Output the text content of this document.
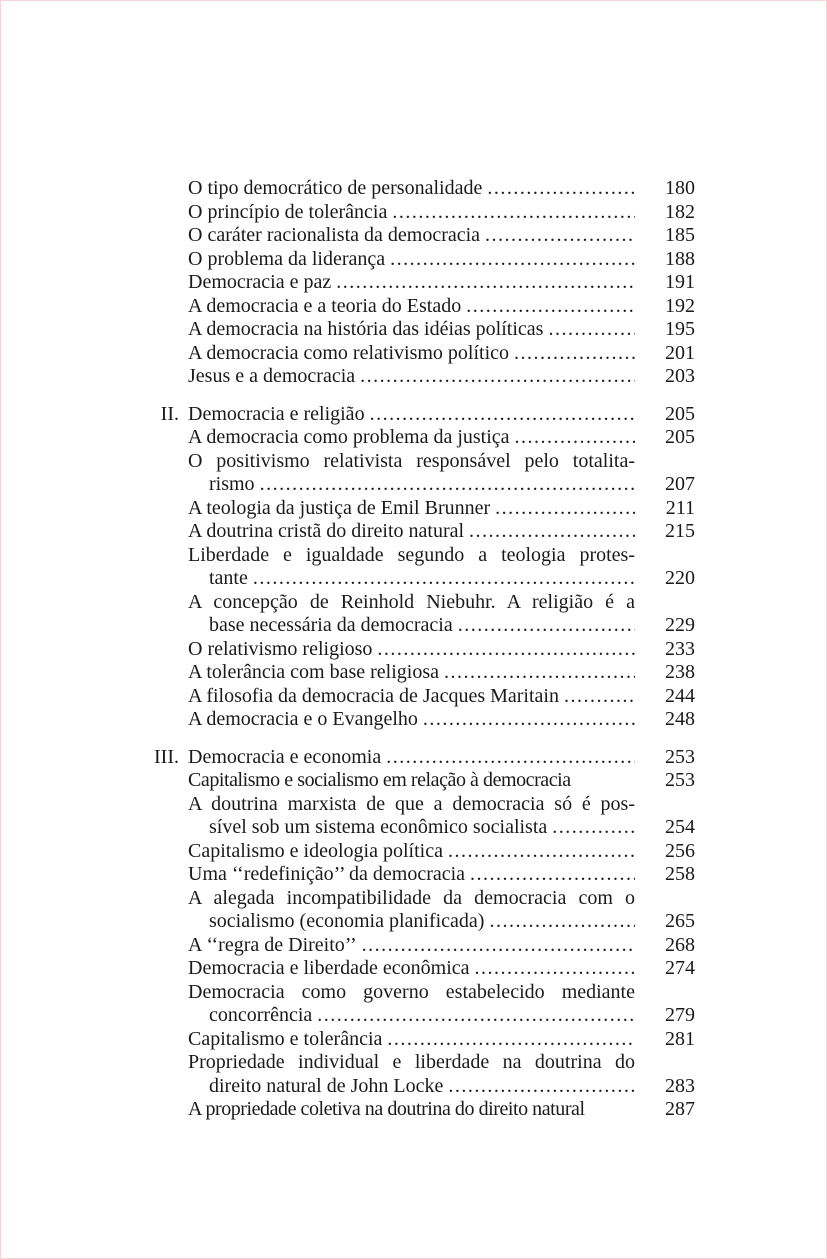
O tipo democrático de personalidade .....	180
O princípio de tolerância .....	182
O caráter racionalista da democracia .....	185
O problema da liderança .....	188
Democracia e paz .....	191
A democracia e a teoria do Estado .....	192
A democracia na história das idéias políticas .....	195
A democracia como relativismo político .....	201
Jesus e a democracia .....	203
II. Democracia e religião .....	205
A democracia como problema da justiça .....	205
O positivismo relativista responsável pelo totalita-
rismo .....	207
A teologia da justiça de Emil Brunner .....	211
A doutrina cristã do direito natural .....	215
Liberdade e igualdade segundo a teologia protes-
tante .....	220
A concepção de Reinhold Niebuhr. A religião é a
base necessária da democracia .....	229
O relativismo religioso .....	233
A tolerância com base religiosa .....	238
A filosofia da democracia de Jacques Maritain .....	244
A democracia e o Evangelho .....	248
III. Democracia e economia .....	253
Capitalismo e socialismo em relação à democracia	253
A doutrina marxista de que a democracia só é pos-
sível sob um sistema econômico socialista .....	254
Capitalismo e ideologia política .....	256
Uma ‘‘redefinição’’ da democracia .....	258
A alegada incompatibilidade da democracia com o
socialismo (economia planificada) .....	265
A ‘‘regra de Direito’’ .....	268
Democracia e liberdade econômica .....	274
Democracia como governo estabelecido mediante
concorrência .....	279
Capitalismo e tolerância .....	281
Propriedade individual e liberdade na doutrina do
direito natural de John Locke .....	283
A propriedade coletiva na doutrina do direito natural	287
